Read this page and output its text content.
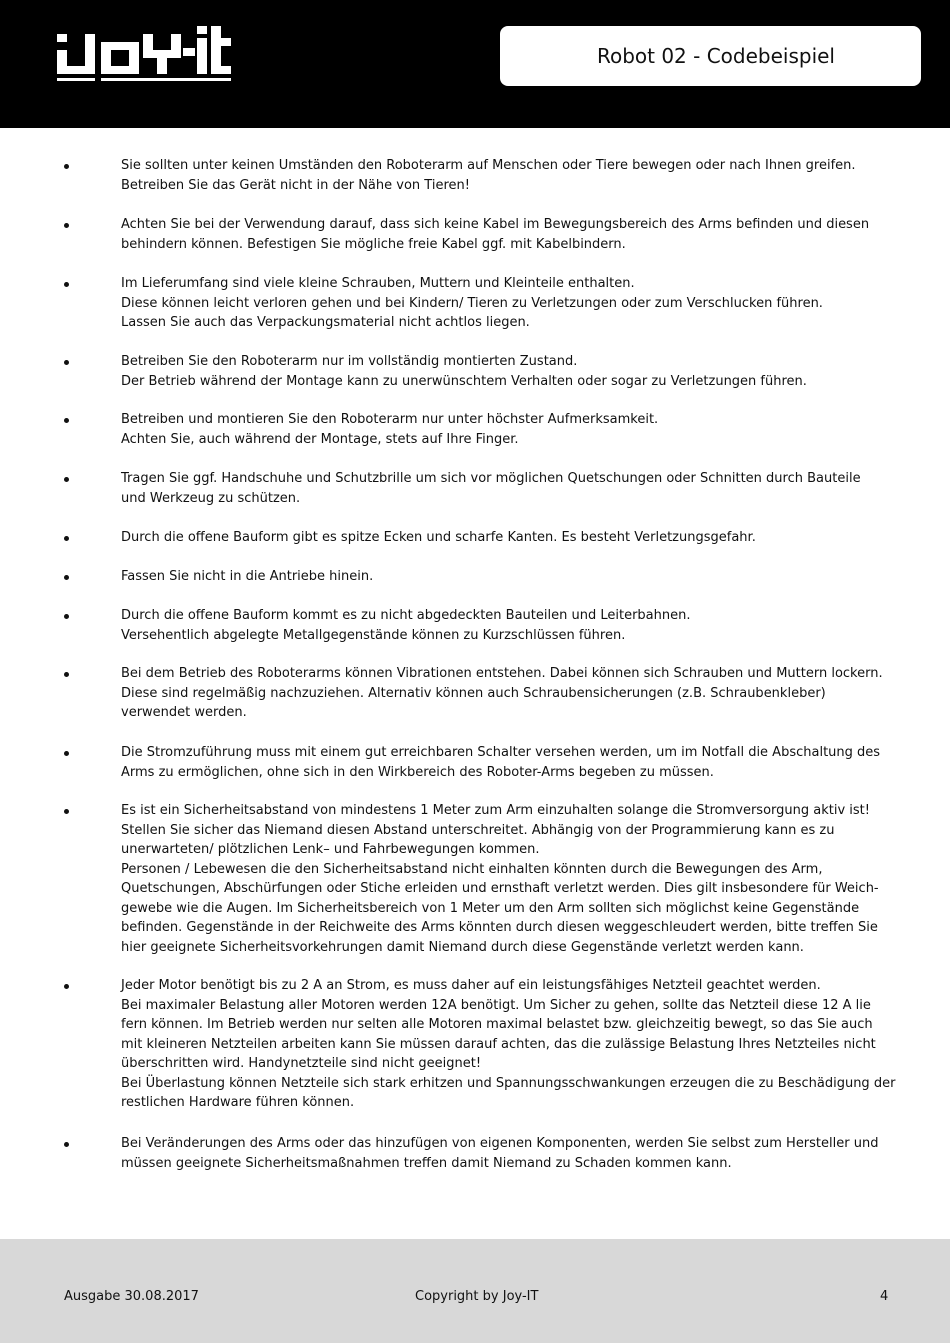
Robot 02 - Codebeispiel
Sie sollten unter keinen Umständen den Roboterarm auf Menschen oder Tiere bewegen oder nach Ihnen greifen.
Betreiben Sie das Gerät nicht in der Nähe von Tieren!
Achten Sie bei der Verwendung darauf, dass sich keine Kabel im Bewegungsbereich des Arms befinden und diesen
behindern können. Befestigen Sie mögliche freie Kabel ggf. mit Kabelbindern.
Im Lieferumfang sind viele kleine Schrauben, Muttern und Kleinteile enthalten.
Diese können leicht verloren gehen und bei Kindern/ Tieren zu Verletzungen oder zum Verschlucken führen.
Lassen Sie auch das Verpackungsmaterial nicht achtlos liegen.
Betreiben Sie den Roboterarm nur im vollständig montierten Zustand.
Der Betrieb während der Montage kann zu unerwünschtem Verhalten oder sogar zu Verletzungen führen.
Betreiben und montieren Sie den Roboterarm nur unter höchster Aufmerksamkeit.
Achten Sie, auch während der Montage, stets auf Ihre Finger.
Tragen Sie ggf. Handschuhe und Schutzbrille um sich vor möglichen Quetschungen oder Schnitten durch Bauteile
und Werkzeug zu schützen.
Durch die offene Bauform gibt es spitze Ecken und scharfe Kanten. Es besteht Verletzungsgefahr.
Fassen Sie nicht in die Antriebe hinein.
Durch die offene Bauform kommt es zu nicht abgedeckten Bauteilen und Leiterbahnen.
Versehentlich abgelegte Metallgegenstände können zu Kurzschlüssen führen.
Bei dem Betrieb des Roboterarms können Vibrationen entstehen. Dabei können sich Schrauben und Muttern lockern.
Diese sind regelmäßig nachzuziehen. Alternativ können auch Schraubensicherungen (z.B. Schraubenkleber)
verwendet werden.
Die Stromzuführung muss mit einem gut erreichbaren Schalter versehen werden, um im Notfall die Abschaltung des
Arms zu ermöglichen, ohne sich in den Wirkbereich des Roboter-Arms begeben zu müssen.
Es ist ein Sicherheitsabstand von mindestens 1 Meter zum Arm einzuhalten solange die Stromversorgung aktiv ist!
Stellen Sie sicher das Niemand diesen Abstand unterschreitet. Abhängig von der Programmierung kann es zu
unerwarteten/ plötzlichen Lenk– und Fahrbewegungen kommen.
Personen / Lebewesen die den Sicherheitsabstand nicht einhalten könnten durch die Bewegungen des Arm,
Quetschungen, Abschürfungen oder Stiche erleiden und ernsthaft verletzt werden. Dies gilt insbesondere für Weich-
gewebe wie die Augen. Im Sicherheitsbereich von 1 Meter um den Arm sollten sich möglichst keine Gegenstände
befinden. Gegenstände in der Reichweite des Arms könnten durch diesen weggeschleudert werden, bitte treffen Sie
hier geeignete Sicherheitsvorkehrungen damit Niemand durch diese Gegenstände verletzt werden kann.
Jeder Motor benötigt bis zu 2 A an Strom, es muss daher auf ein leistungsfähiges Netzteil geachtet werden.
Bei maximaler Belastung aller Motoren werden 12A benötigt. Um Sicher zu gehen, sollte das Netzteil diese 12 A lie
fern können. Im Betrieb werden nur selten alle Motoren maximal belastet bzw. gleichzeitig bewegt, so das Sie auch
mit kleineren Netzteilen arbeiten kann Sie müssen darauf achten, das die zulässige Belastung Ihres Netzteiles nicht
überschritten wird. Handynetzteile sind nicht geeignet!
Bei Überlastung können Netzteile sich stark erhitzen und Spannungsschwankungen erzeugen die zu Beschädigung der
restlichen Hardware führen können.
Bei Veränderungen des Arms oder das hinzufügen von eigenen Komponenten, werden Sie selbst zum Hersteller und
müssen geeignete Sicherheitsmaßnahmen treffen damit Niemand zu Schaden kommen kann.
Ausgabe 30.08.2017	Copyright by Joy-IT	4
